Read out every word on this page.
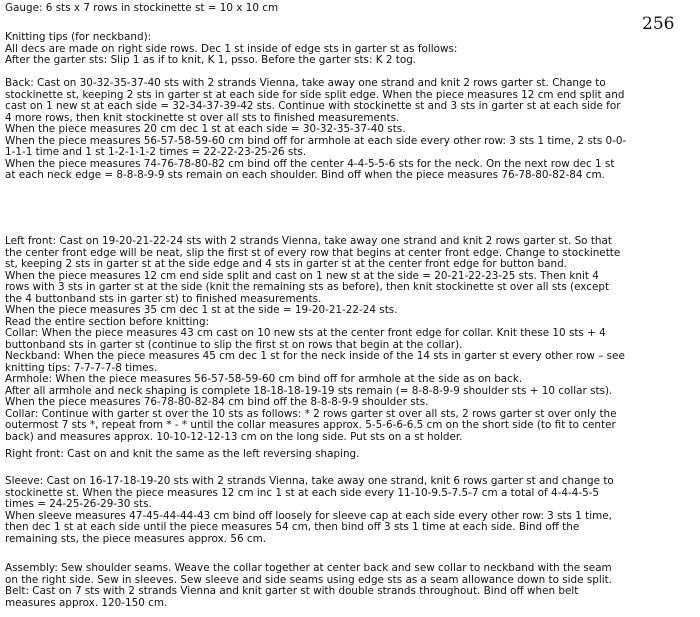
256
Gauge: 6 sts x 7 rows in stockinette st = 10 x 10 cm
Knitting tips (for neckband):
All decs are made on right side rows. Dec 1 st inside of edge sts in garter st as follows:
After the garter sts: Slip 1 as if to knit, K 1, psso. Before the garter sts: K 2 tog.
Back: Cast on 30-32-35-37-40 sts with 2 strands Vienna, take away one strand and knit 2 rows garter st. Change to
stockinette st, keeping 2 sts in garter st at each side for side split edge. When the piece measures 12 cm end split and
cast on 1 new st at each side = 32-34-37-39-42 sts. Continue with stockinette st and 3 sts in garter st at each side for
4 more rows, then knit stockinette st over all sts to finished measurements.
When the piece measures 20 cm dec 1 st at each side = 30-32-35-37-40 sts.
When the piece measures 56-57-58-59-60 cm bind off for armhole at each side every other row: 3 sts 1 time, 2 sts 0-0-
1-1-1 time and 1 st 1-2-1-1-2 times = 22-22-23-25-26 sts.
When the piece measures 74-76-78-80-82 cm bind off the center 4-4-5-5-6 sts for the neck. On the next row dec 1 st
at each neck edge = 8-8-8-9-9 sts remain on each shoulder. Bind off when the piece measures 76-78-80-82-84 cm.
Left front: Cast on 19-20-21-22-24 sts with 2 strands Vienna, take away one strand and knit 2 rows garter st. So that
the center front edge will be neat, slip the first st of every row that begins at center front edge. Change to stockinette
st, keeping 2 sts in garter st at the side edge and 4 sts in garter st at the center front edge for button band.
When the piece measures 12 cm end side split and cast on 1 new st at the side = 20-21-22-23-25 sts. Then knit 4
rows with 3 sts in garter st at the side (knit the remaining sts as before), then knit stockinette st over all sts (except
the 4 buttonband sts in garter st) to finished measurements.
When the piece measures 35 cm dec 1 st at the side = 19-20-21-22-24 sts.
Read the entire section before knitting:
Collar: When the piece measures 43 cm cast on 10 new sts at the center front edge for collar. Knit these 10 sts + 4
buttonband sts in garter st (continue to slip the first st on rows that begin at the collar).
Neckband: When the piece measures 45 cm dec 1 st for the neck inside of the 14 sts in garter st every other row – see
knitting tips: 7-7-7-7-8 times.
Armhole: When the piece measures 56-57-58-59-60 cm bind off for armhole at the side as on back.
After all armhole and neck shaping is complete 18-18-18-19-19 sts remain (= 8-8-8-9-9 shoulder sts + 10 collar sts).
When the piece measures 76-78-80-82-84 cm bind off the 8-8-8-9-9 shoulder sts.
Collar: Continue with garter st over the 10 sts as follows: * 2 rows garter st over all sts, 2 rows garter st over only the
outermost 7 sts *, repeat from * - * until the collar measures approx. 5-5-6-6-6.5 cm on the short side (to fit to center
back) and measures approx. 10-10-12-12-13 cm on the long side. Put sts on a st holder.
Right front: Cast on and knit the same as the left reversing shaping.
Sleeve: Cast on 16-17-18-19-20 sts with 2 strands Vienna, take away one strand, knit 6 rows garter st and change to
stockinette st. When the piece measures 12 cm inc 1 st at each side every 11-10-9.5-7.5-7 cm a total of 4-4-4-5-5
times = 24-25-26-29-30 sts.
When sleeve measures 47-45-44-44-43 cm bind off loosely for sleeve cap at each side every other row: 3 sts 1 time,
then dec 1 st at each side until the piece measures 54 cm, then bind off 3 sts 1 time at each side. Bind off the
remaining sts, the piece measures approx. 56 cm.
Assembly: Sew shoulder seams. Weave the collar together at center back and sew collar to neckband with the seam
on the right side. Sew in sleeves. Sew sleeve and side seams using edge sts as a seam allowance down to side split.
Belt: Cast on 7 sts with 2 strands Vienna and knit garter st with double strands throughout. Bind off when belt
measures approx. 120-150 cm.
